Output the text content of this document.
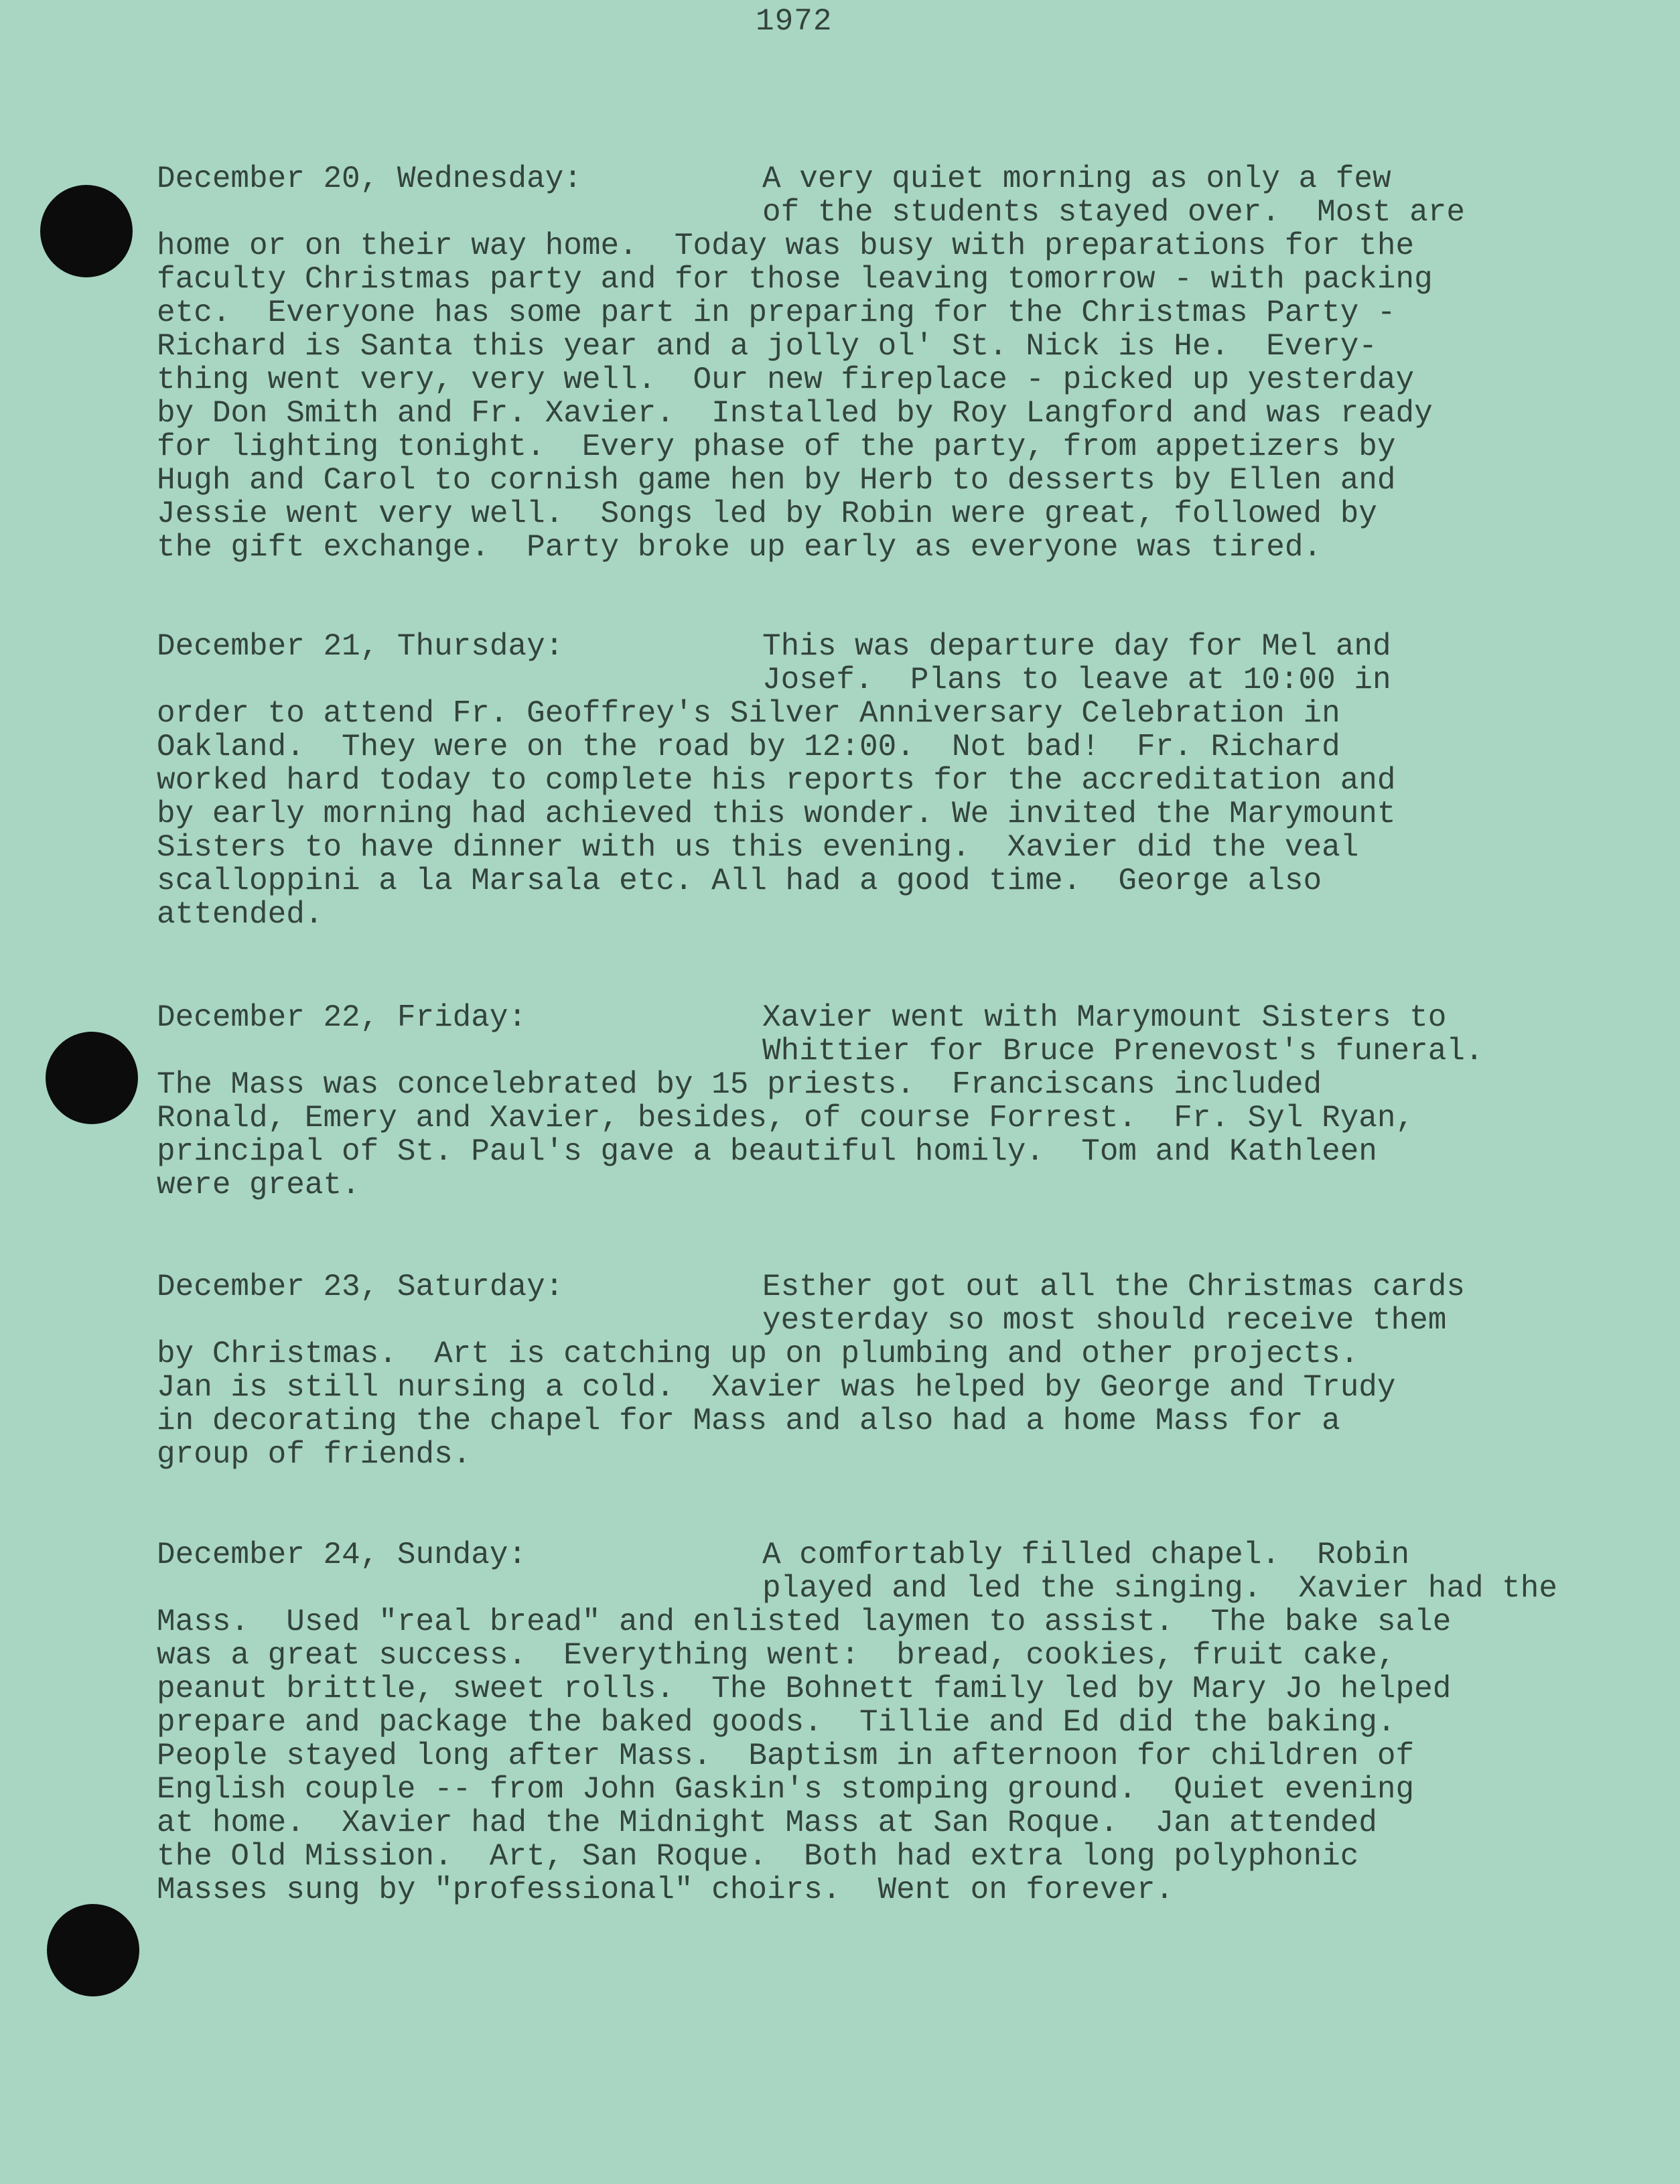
1972
December 20, Wednesday:	A very quiet morning as only a few
of the students stayed over.  Most are
home or on their way home.  Today was busy with preparations for the
faculty Christmas party and for those leaving tomorrow - with packing
etc.  Everyone has some part in preparing for the Christmas Party -
Richard is Santa this year and a jolly ol' St. Nick is He.  Every-
thing went very, very well.  Our new fireplace - picked up yesterday
by Don Smith and Fr. Xavier.  Installed by Roy Langford and was ready
for lighting tonight.  Every phase of the party, from appetizers by
Hugh and Carol to cornish game hen by Herb to desserts by Ellen and
Jessie went very well.  Songs led by Robin were great, followed by
the gift exchange.  Party broke up early as everyone was tired.
December 21, Thursday:	This was departure day for Mel and
Josef.  Plans to leave at 10:00 in
order to attend Fr. Geoffrey's Silver Anniversary Celebration in
Oakland.  They were on the road by 12:00.  Not bad!  Fr. Richard
worked hard today to complete his reports for the accreditation and
by early morning had achieved this wonder. We invited the Marymount
Sisters to have dinner with us this evening.  Xavier did the veal
scalloppini a la Marsala etc. All had a good time.  George also
attended.
December 22, Friday:	Xavier went with Marymount Sisters to
Whittier for Bruce Prenevost's funeral.
The Mass was concelebrated by 15 priests.  Franciscans included
Ronald, Emery and Xavier, besides, of course Forrest.  Fr. Syl Ryan,
principal of St. Paul's gave a beautiful homily.  Tom and Kathleen
were great.
December 23, Saturday:	Esther got out all the Christmas cards
yesterday so most should receive them
by Christmas.  Art is catching up on plumbing and other projects.
Jan is still nursing a cold.  Xavier was helped by George and Trudy
in decorating the chapel for Mass and also had a home Mass for a
group of friends.
December 24, Sunday:	A comfortably filled chapel.  Robin
played and led the singing.  Xavier had the
Mass.  Used "real bread" and enlisted laymen to assist.  The bake sale
was a great success.  Everything went:  bread, cookies, fruit cake,
peanut brittle, sweet rolls.  The Bohnett family led by Mary Jo helped
prepare and package the baked goods.  Tillie and Ed did the baking.
People stayed long after Mass.  Baptism in afternoon for children of
English couple -- from John Gaskin's stomping ground.  Quiet evening
at home.  Xavier had the Midnight Mass at San Roque.  Jan attended
the Old Mission.  Art, San Roque.  Both had extra long polyphonic
Masses sung by "professional" choirs.  Went on forever.
